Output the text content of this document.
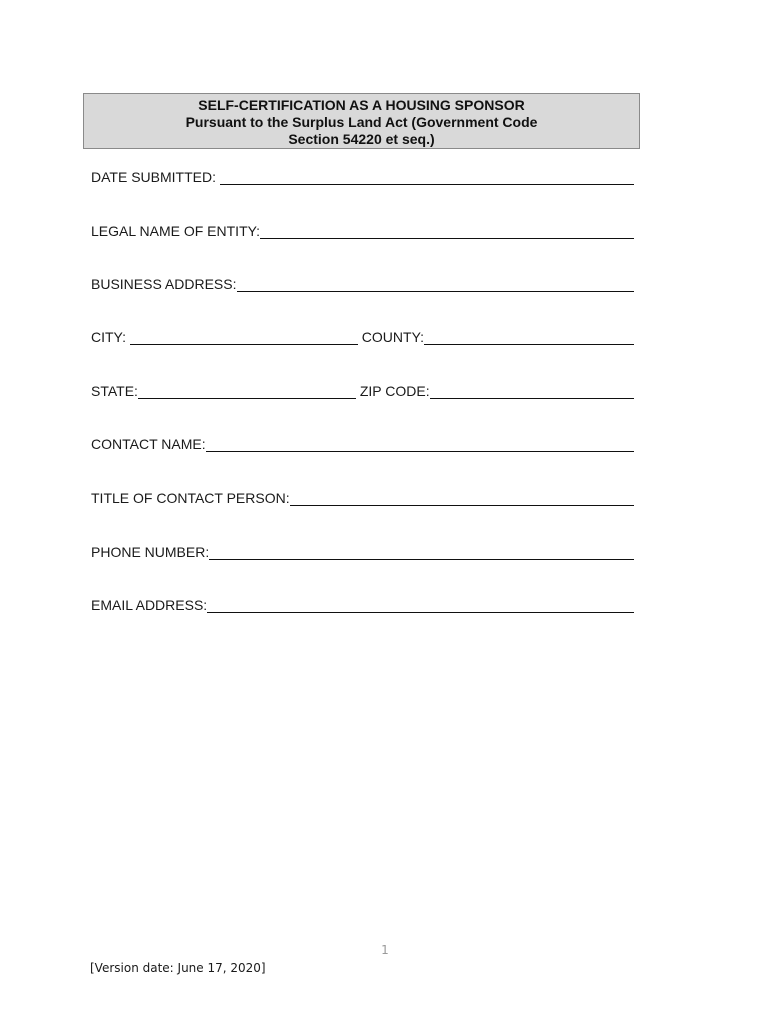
SELF-CERTIFICATION AS A HOUSING SPONSOR
Pursuant to the Surplus Land Act (Government Code
Section 54220 et seq.)
DATE SUBMITTED:
LEGAL NAME OF ENTITY:
BUSINESS ADDRESS:
CITY:	COUNTY:
STATE:	ZIP CODE:
CONTACT NAME:
TITLE OF CONTACT PERSON:
PHONE NUMBER:
EMAIL ADDRESS:
1
[Version date: June 17, 2020]
